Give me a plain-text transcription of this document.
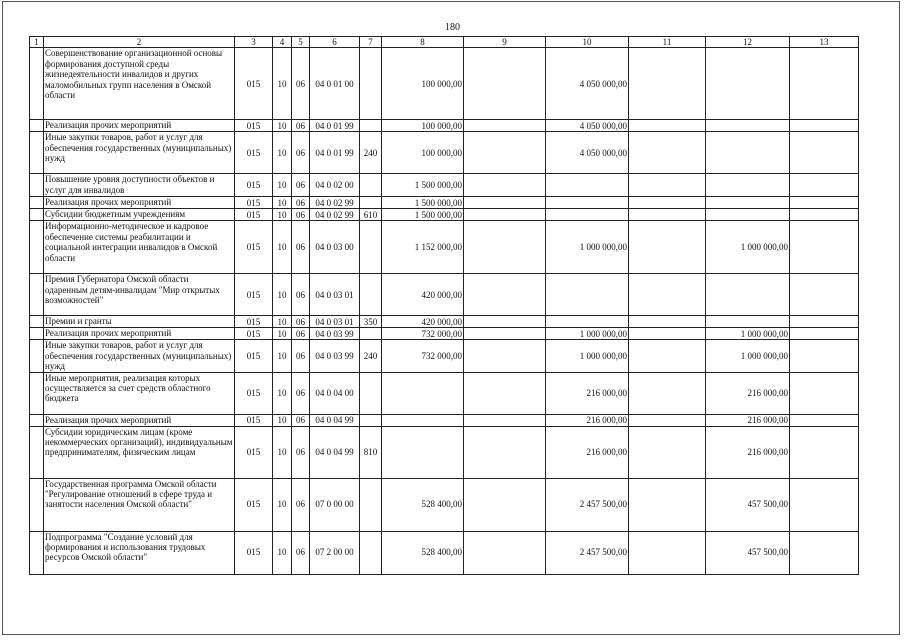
180
1	2	3	4	5	6	7	8	9	10	11	12	13
	Совершенствование организационной основы формирования доступной среды жизнедеятельности инвалидов и других маломобильных групп населения в Омской области	015	10	06	04 0 01 00		100 000,00		4 050 000,00			
	Реализация прочих мероприятий	015	10	06	04 0 01 99		100 000,00		4 050 000,00			
	Иные закупки товаров, работ и услуг для обеспечения государственных (муниципальных) нужд	015	10	06	04 0 01 99	240	100 000,00		4 050 000,00			
	Повышение уровня доступности объектов и услуг для инвалидов	015	10	06	04 0 02 00		1 500 000,00					
	Реализация прочих мероприятий	015	10	06	04 0 02 99		1 500 000,00					
	Субсидии бюджетным учреждениям	015	10	06	04 0 02 99	610	1 500 000,00					
	Информационно-методическое и кадровое обеспечение системы реабилитации и социальной интеграции инвалидов в Омской области	015	10	06	04 0 03 00		1 152 000,00		1 000 000,00		1 000 000,00	
	Премия Губернатора Омской области одаренным детям-инвалидам "Мир открытых возможностей"	015	10	06	04 0 03 01		420 000,00					
	Премии и гранты	015	10	06	04 0 03 01	350	420 000,00					
	Реализация прочих мероприятий	015	10	06	04 0 03 99		732 000,00		1 000 000,00		1 000 000,00	
	Иные закупки товаров, работ и услуг для обеспечения государственных (муниципальных) нужд	015	10	06	04 0 03 99	240	732 000,00		1 000 000,00		1 000 000,00	
	Иные мероприятия, реализация которых осуществляется за счет средств областного бюджета	015	10	06	04 0 04 00				216 000,00		216 000,00	
	Реализация прочих мероприятий	015	10	06	04 0 04 99				216 000,00		216 000,00	
	Субсидии юридическим лицам (кроме некоммерческих организаций), индивидуальным предпринимателям, физическим лицам	015	10	06	04 0 04 99	810			216 000,00		216 000,00	
	Государственная программа Омской области "Регулирование отношений в сфере труда и занятости населения Омской области"	015	10	06	07 0 00 00		528 400,00		2 457 500,00		457 500,00	
	Подпрограмма "Создание условий для формирования и использования трудовых ресурсов Омской области"	015	10	06	07 2 00 00		528 400,00		2 457 500,00		457 500,00	
